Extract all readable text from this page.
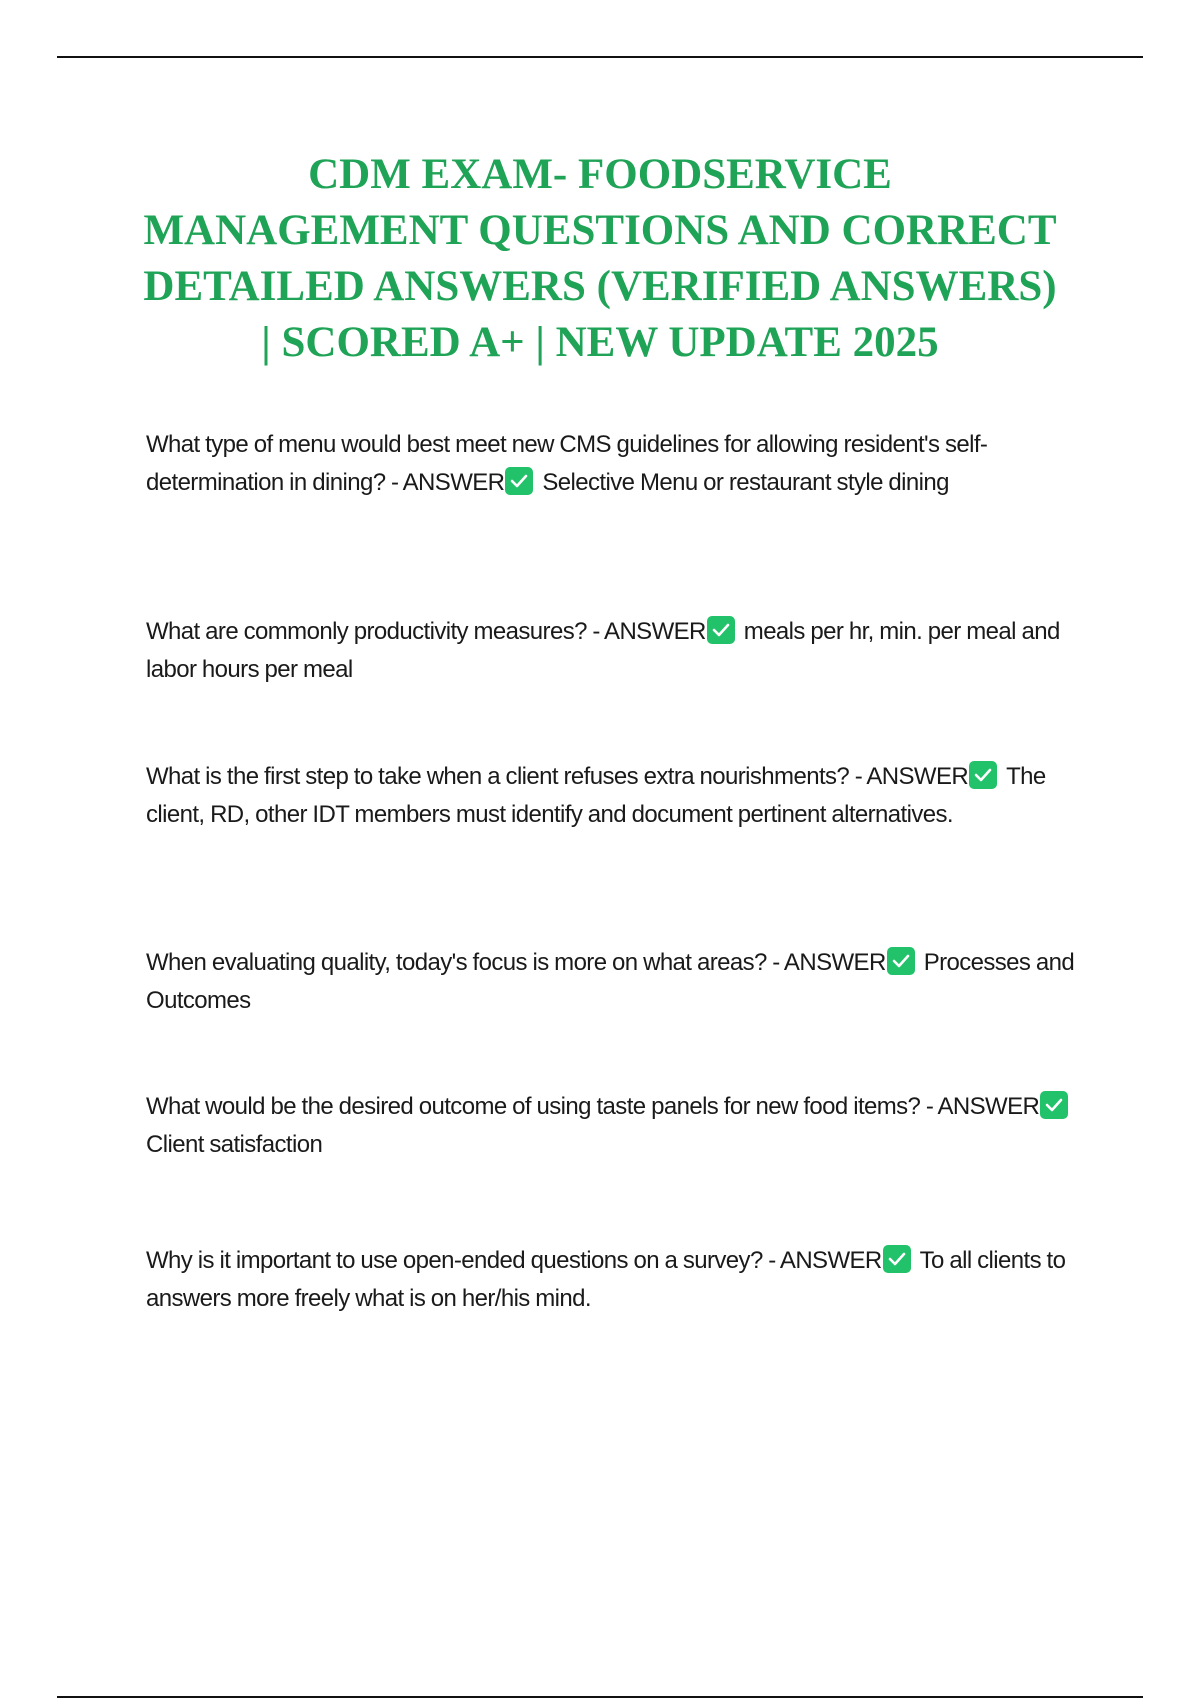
CDM EXAM- FOODSERVICE
MANAGEMENT QUESTIONS AND CORRECT
DETAILED ANSWERS (VERIFIED ANSWERS)
| SCORED A+ | NEW UPDATE 2025
What type of menu would best meet new CMS guidelines for allowing resident's self-determination in dining? - ANSWER Selective Menu or restaurant style dining
What are commonly productivity measures? - ANSWER meals per hr, min. per meal and labor hours per meal
What is the first step to take when a client refuses extra nourishments? - ANSWER The client, RD, other IDT members must identify and document pertinent alternatives.
When evaluating quality, today's focus is more on what areas? - ANSWER Processes and Outcomes
What would be the desired outcome of using taste panels for new food items? - ANSWER
Client satisfaction
Why is it important to use open-ended questions on a survey? - ANSWER To all clients to answers more freely what is on her/his mind.
